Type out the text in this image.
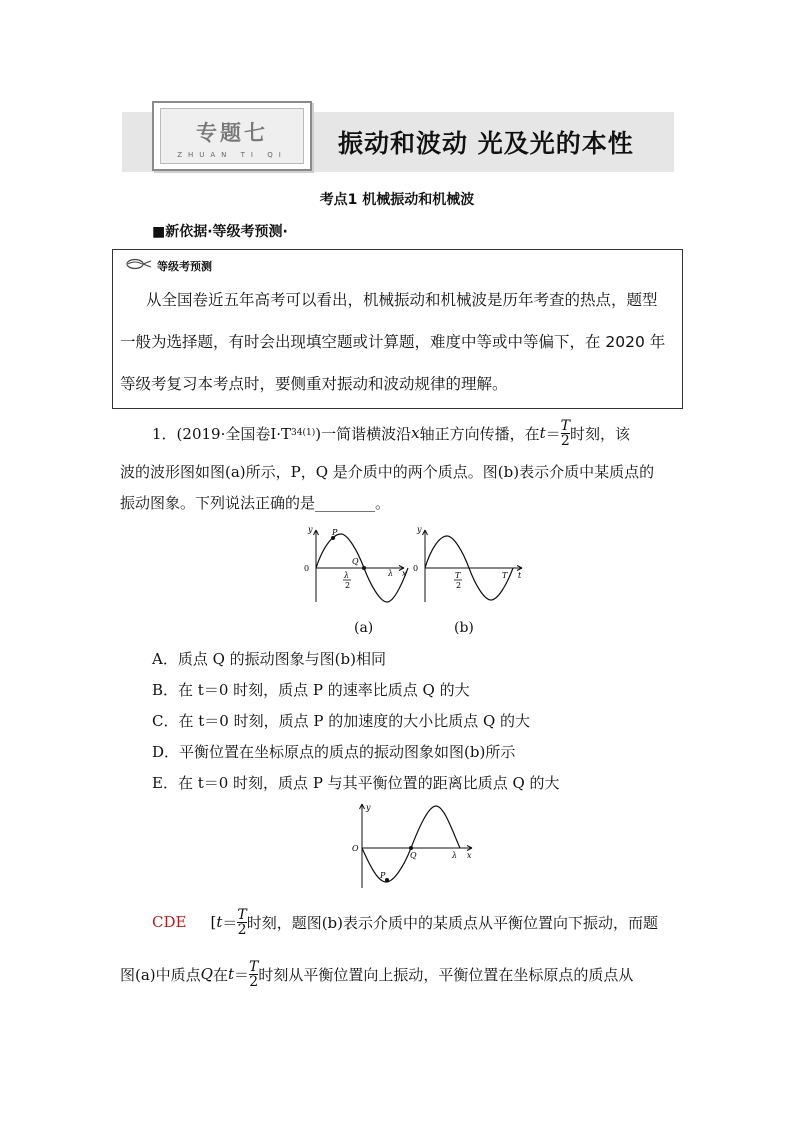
专题七
ZHUAN TI QI	振动和波动 光及光的本性
考点1 机械振动和机械波
■新依据·等级考预测·
等级考预测
从全国卷近五年高考可以看出，机械振动和机械波是历年考查的热点，题型
一般为选择题，有时会出现填空题或计算题，难度中等或中等偏下，在 2020 年
等级考复习本考点时，要侧重对振动和波动规律的理解。
1．(2019·全国卷Ⅰ·T 34(1) )一简谐横波沿 x 轴正方向传播，在 $t = \frac{T}{2}$ 时刻，该
波的波形图如图(a)所示，P，Q 是介质中的两个质点。图(b)表示介质中某质点的
振动图象。下列说法正确的是________。
y P
Q
0
λ x
λ
2
y
0
T t
T
2
(a)	(b)
A．质点 Q 的振动图象与图(b)相同
B．在 t＝0 时刻，质点 P 的速率比质点 Q 的大
C．在 t＝0 时刻，质点 P 的加速度的大小比质点 Q 的大
D．平衡位置在坐标原点的质点的振动图象如图(b)所示
E．在 t＝0 时刻，质点 P 与其平衡位置的距离比质点 Q 的大
y
O
P
Q	λ x
CDE [ $t = \frac{T}{2}$ 时刻，题图(b)表示介质中的某质点从平衡位置向下振动，而题
图(a)中质点 Q 在 $t = \frac{T}{2}$ 时刻从平衡位置向上振动，平衡位置在坐标原点的质点从
